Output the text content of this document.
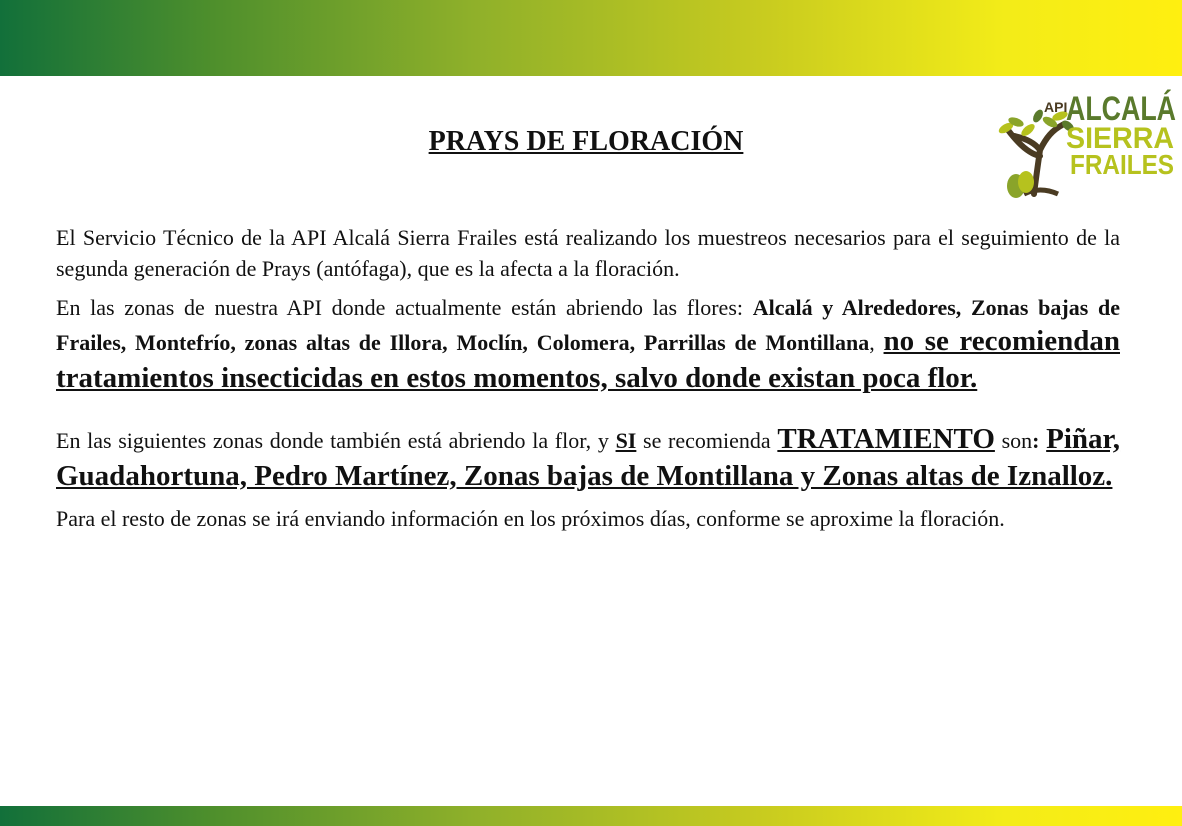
API
ALCALÁ
SIERRA
FRAILES
PRAYS DE FLORACIÓN

El Servicio Técnico de la API Alcalá Sierra Frailes está realizando los muestreos necesarios para el seguimiento de la segunda generación de Prays (antófaga), que es la afecta a la floración.

En las zonas de nuestra API donde actualmente están abriendo las flores: Alcalá y Alrededores, Zonas bajas de Frailes, Montefrío, zonas altas de Illora, Moclín, Colomera, Parrillas de Montillana, no se recomiendan tratamientos insecticidas en estos momentos, salvo donde existan poca flor.

En las siguientes zonas donde también está abriendo la flor, y SI se recomienda TRATAMIENTO son: Piñar, Guadahortuna, Pedro Martínez, Zonas bajas de Montillana y Zonas altas de Iznalloz.

Para el resto de zonas se irá enviando información en los próximos días, conforme se aproxime la floración.
